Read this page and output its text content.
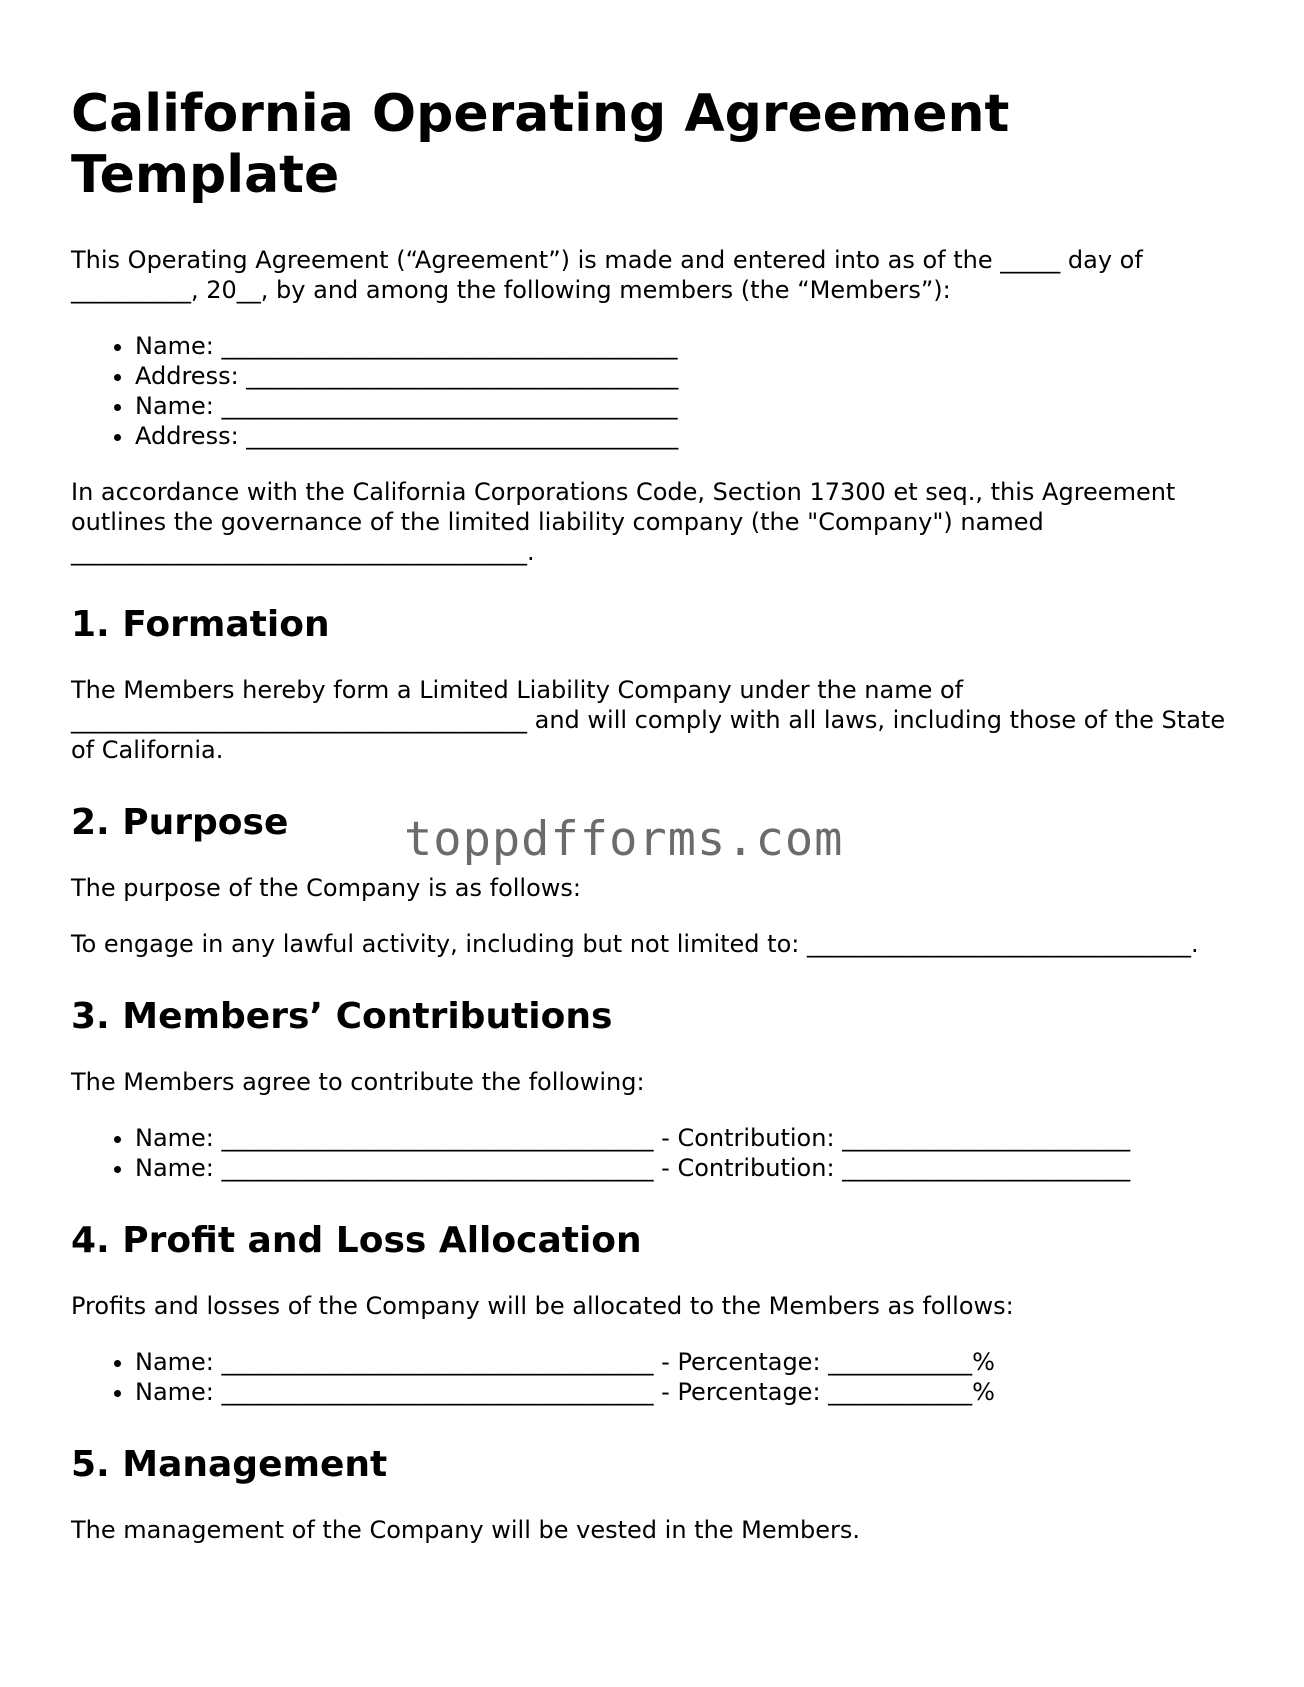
California Operating Agreement Template

This Operating Agreement (“Agreement”) is made and entered into as of the _____ day of __________, 20__, by and among the following members (the “Members”):

• Name: ______________________________________
• Address: ____________________________________
• Name: ______________________________________
• Address: ____________________________________

In accordance with the California Corporations Code, Section 17300 et seq., this Agreement outlines the governance of the limited liability company (the "Company") named ______________________________________.

1. Formation

The Members hereby form a Limited Liability Company under the name of ______________________________________ and will comply with all laws, including those of the State of California.

2. Purpose

The purpose of the Company is as follows:

To engage in any lawful activity, including but not limited to: ________________________________.

3. Members’ Contributions

The Members agree to contribute the following:

• Name: ____________________________________ - Contribution: ________________________
• Name: ____________________________________ - Contribution: ________________________
4. Profit and Loss Allocation

Profits and losses of the Company will be allocated to the Members as follows:

• Name: ____________________________________ - Percentage: ____________%
• Name: ____________________________________ - Percentage: ____________%
5. Management

The management of the Company will be vested in the Members.

toppdfforms.com
